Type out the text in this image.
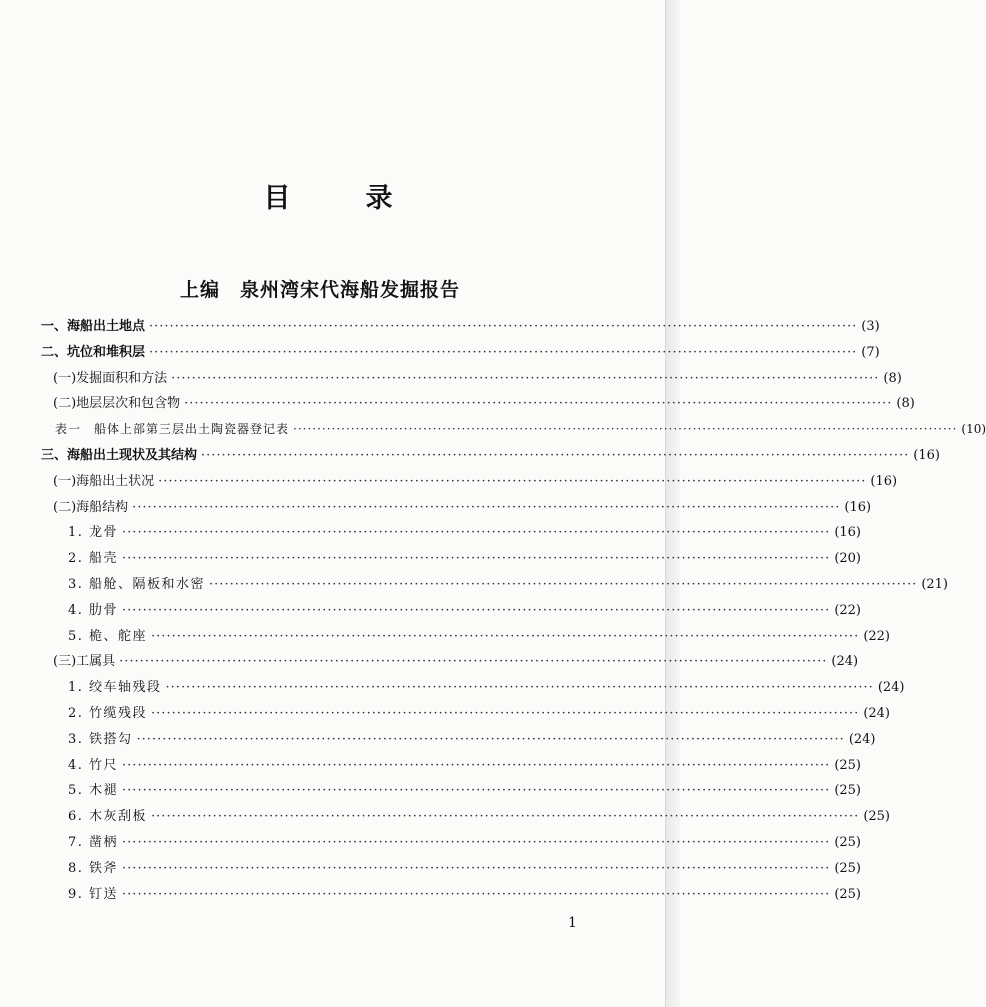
目　录
上编　泉州湾宋代海船发掘报告
一、海船出土地点 ·········································································································································· (3)
二、坑位和堆积层 ·········································································································································· (7)
(一)发掘面积和方法 ·········································································································································· (8)
(二)地层层次和包含物 ·········································································································································· (8)
表一　船体上部第三层出土陶瓷器登记表 ·········································································································································· (10)
三、海船出土现状及其结构 ·········································································································································· (16)
(一)海船出土状况 ·········································································································································· (16)
(二)海船结构 ·········································································································································· (16)
1. 龙骨 ·········································································································································· (16)
2. 船壳 ·········································································································································· (20)
3. 船舱、隔板和水密 ·········································································································································· (21)
4. 肋骨 ·········································································································································· (22)
5. 桅、舵座 ·········································································································································· (22)
(三)工属具 ·········································································································································· (24)
1. 绞车轴残段 ·········································································································································· (24)
2. 竹缆残段 ·········································································································································· (24)
3. 铁搭勾 ·········································································································································· (24)
4. 竹尺 ·········································································································································· (25)
5. 木褪 ·········································································································································· (25)
6. 木灰刮板 ·········································································································································· (25)
7. 凿柄 ·········································································································································· (25)
8. 铁斧 ·········································································································································· (25)
9. 钉送 ·········································································································································· (25)
1
